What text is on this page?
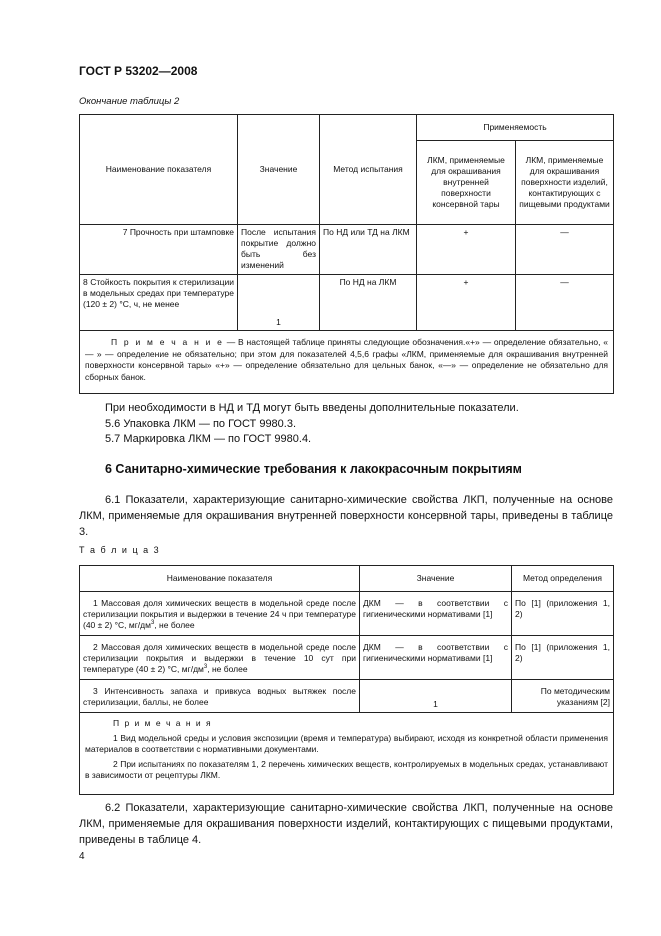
ГОСТ Р 53202—2008
Окончание таблицы 2
Наименование показателя	Значение	Метод испытания	Применяемость	
			ЛКМ, применяемые для окрашивания внутренней поверхности консервной тары	ЛКМ, применяемые для окрашивания поверхности изделий, контактирующих с пищевыми продуктами
7 Прочность при штамповке	После испытания покрытие должно быть без изменений	По НД или ТД на ЛКМ	+	—
8 Стойкость покрытия к стерилизации в модельных средах при температуре (120 ± 2) °С, ч, не менее	1	По НД на ЛКМ	+	—
П р и м е ч а н и е — В настоящей таблице приняты следующие обозначения.«+» — определение обязательно, « — » — определение не обязательно; при этом для показателей 4,5,6 графы «ЛКМ, применяемые для окрашивания внутренней поверхности консервной тары» «+» — определение обязательно для цельных банок, «—» — определение не обязательно для сборных банок.				
При необходимости в НД и ТД могут быть введены дополнительные показатели.
5.6 Упаковка ЛКМ — по ГОСТ 9980.3.
5.7 Маркировка ЛКМ — по ГОСТ 9980.4.
6 Санитарно-химические требования к лакокрасочным покрытиям
6.1 Показатели, характеризующие санитарно-химические свойства ЛКП, полученные на основе ЛКМ, применяемые для окрашивания внутренней поверхности консервной тары, приведены в таблице 3.
Т а б л и ц а 3
Наименование показателя	Значение	Метод определения
1 Массовая доля химических веществ в модельной среде после стерилизации покрытия и выдержки в течение 24 ч при температуре (40 ± 2) °С, $мг/дм^3$, не более	ДКМ — в соответствии с гигиеническими нормативами [1]	По [1] (приложения 1, 2)
2 Массовая доля химических веществ в модельной среде после стерилизации покрытия и выдержки в течение 10 сут при температуре (40 ± 2) °С, $мг/дм^3$, не более	ДКМ — в соответствии с гигиеническими нормативами [1]	По [1] (приложения 1, 2)
3 Интенсивность запаха и привкуса водных вытяжек после стерилизации, баллы, не более	1	По методическим указаниям [2]

П р и м е ч а н и я
1 Вид модельной среды и условия экспозиции (время и температура) выбирают, исходя из конкретной области применения материалов в соответствии с нормативными документами.
2 При испытаниях по показателям 1, 2 перечень химических веществ, контролируемых в модельных средах, устанавливают в зависимости от рецептуры ЛКМ.		
6.2 Показатели, характеризующие санитарно-химические свойства ЛКП, полученные на основе ЛКМ, применяемые для окрашивания поверхности изделий, контактирующих с пищевыми продуктами, приведены в таблице 4.
4
